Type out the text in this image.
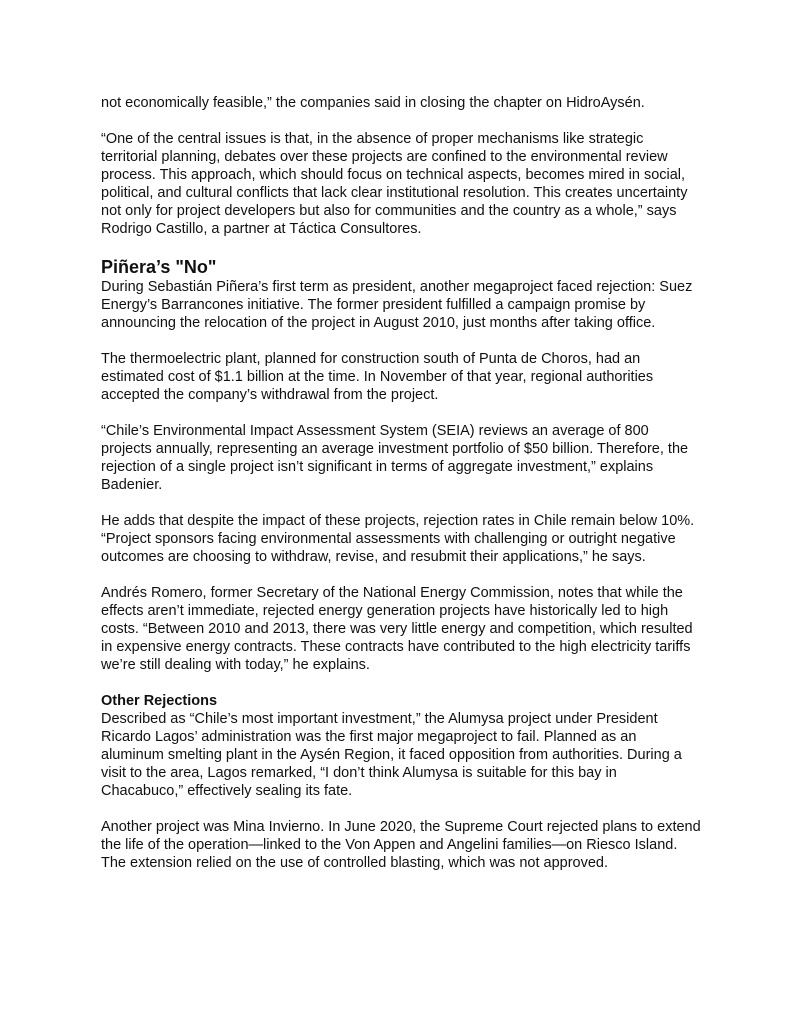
not economically feasible,” the companies said in closing the chapter on HidroAysén.

“One of the central issues is that, in the absence of proper mechanisms like strategic territorial planning, debates over these projects are confined to the environmental review process. This approach, which should focus on technical aspects, becomes mired in social, political, and cultural conflicts that lack clear institutional resolution. This creates uncertainty not only for project developers but also for communities and the country as a whole,” says Rodrigo Castillo, a partner at Táctica Consultores.

Piñera’s "No"

During Sebastián Piñera’s first term as president, another megaproject faced rejection: Suez Energy’s Barrancones initiative. The former president fulfilled a campaign promise by announcing the relocation of the project in August 2010, just months after taking office.

The thermoelectric plant, planned for construction south of Punta de Choros, had an estimated cost of $1.1 billion at the time. In November of that year, regional authorities accepted the company’s withdrawal from the project.

“Chile’s Environmental Impact Assessment System (SEIA) reviews an average of 800 projects annually, representing an average investment portfolio of $50 billion. Therefore, the rejection of a single project isn’t significant in terms of aggregate investment,” explains Badenier.

He adds that despite the impact of these projects, rejection rates in Chile remain below 10%. “Project sponsors facing environmental assessments with challenging or outright negative outcomes are choosing to withdraw, revise, and resubmit their applications,” he says.

Andrés Romero, former Secretary of the National Energy Commission, notes that while the effects aren’t immediate, rejected energy generation projects have historically led to high costs. “Between 2010 and 2013, there was very little energy and competition, which resulted in expensive energy contracts. These contracts have contributed to the high electricity tariffs we’re still dealing with today,” he explains.

Other Rejections

Described as “Chile’s most important investment,” the Alumysa project under President Ricardo Lagos’ administration was the first major megaproject to fail. Planned as an aluminum smelting plant in the Aysén Region, it faced opposition from authorities. During a visit to the area, Lagos remarked, “I don’t think Alumysa is suitable for this bay in Chacabuco,” effectively sealing its fate.

Another project was Mina Invierno. In June 2020, the Supreme Court rejected plans to extend the life of the operation—linked to the Von Appen and Angelini families—on Riesco Island. The extension relied on the use of controlled blasting, which was not approved.
